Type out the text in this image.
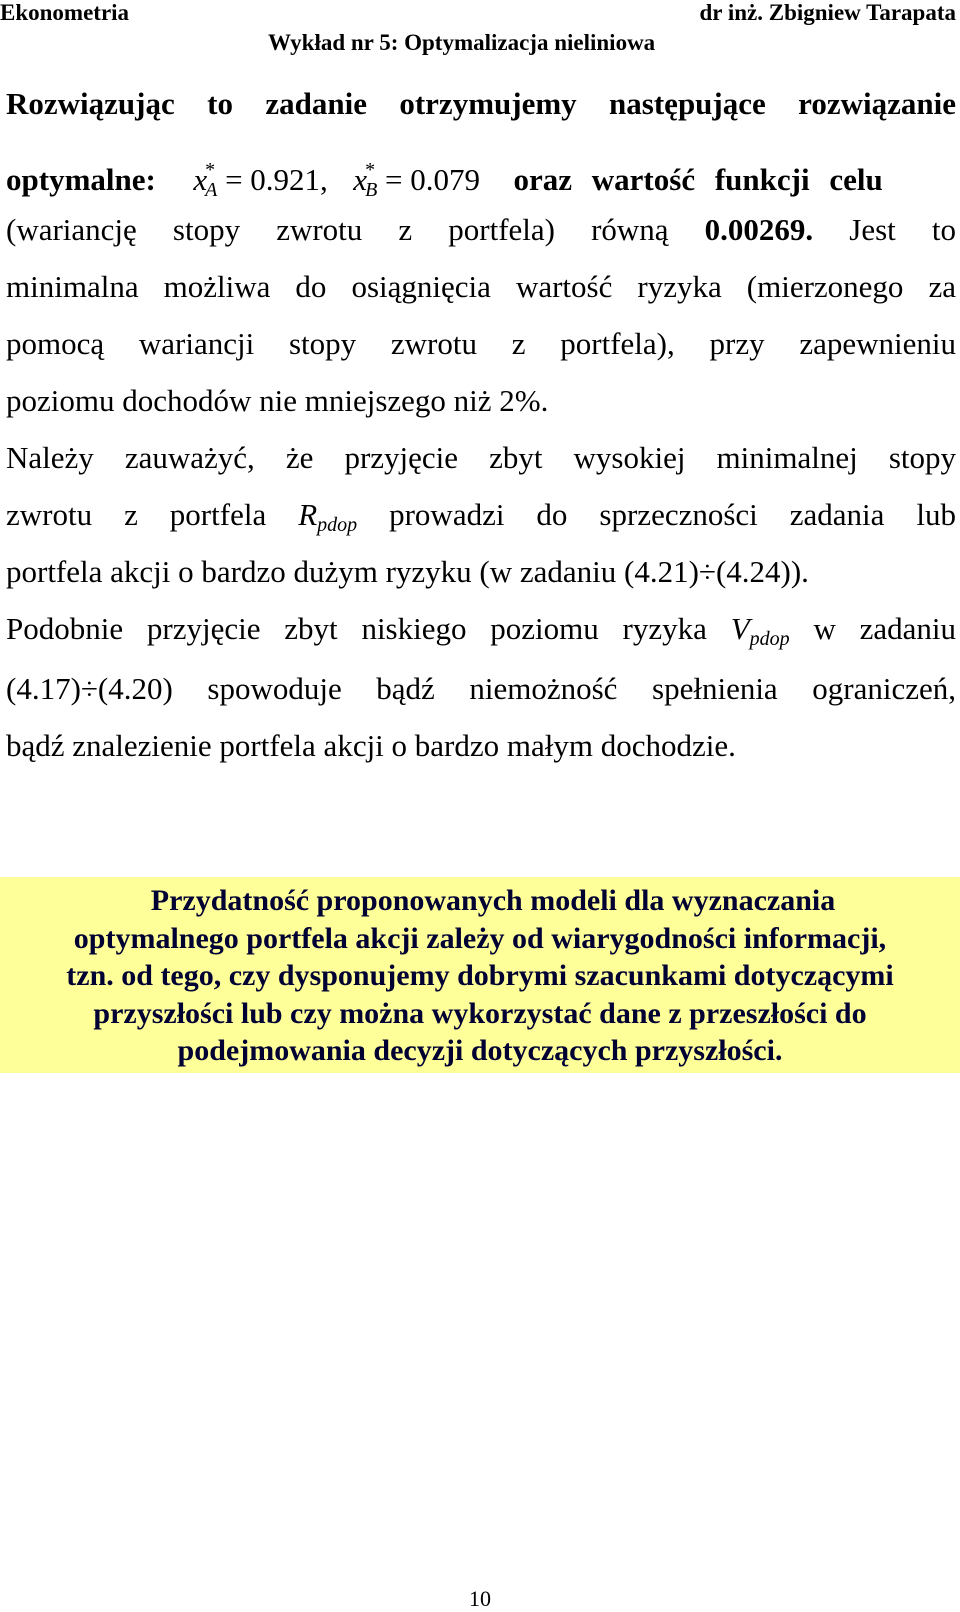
Ekonometria	dr inż. Zbigniew Tarapata
Wykład nr 5: Optymalizacja nieliniowa
Rozwiązując to zadanie otrzymujemy następujące rozwiązanie
optymalne: $x^*_A = 0.921$, $x^*_B = 0.079$ oraz wartość funkcji celu
(wariancję stopy zwrotu z portfela) równą 0.00269. Jest to
minimalna możliwa do osiągnięcia wartość ryzyka (mierzonego za
pomocą wariancji stopy zwrotu z portfela), przy zapewnieniu
poziomu dochodów nie mniejszego niż 2%.
Należy zauważyć, że przyjęcie zbyt wysokiej minimalnej stopy
zwrotu z portfela $R_{pdop}$ prowadzi do sprzeczności zadania lub
portfela akcji o bardzo dużym ryzyku (w zadaniu (4.21)÷(4.24)).
Podobnie przyjęcie zbyt niskiego poziomu ryzyka $V_{pdop}$ w zadaniu
(4.17)÷(4.20) spowoduje bądź niemożność spełnienia ograniczeń,
bądź znalezienie portfela akcji o bardzo małym dochodzie.
Przydatność proponowanych modeli dla wyznaczania
optymalnego portfela akcji zależy od wiarygodności informacji,
tzn. od tego, czy dysponujemy dobrymi szacunkami dotyczącymi
przyszłości lub czy można wykorzystać dane z przeszłości do
podejmowania decyzji dotyczących przyszłości.
10
